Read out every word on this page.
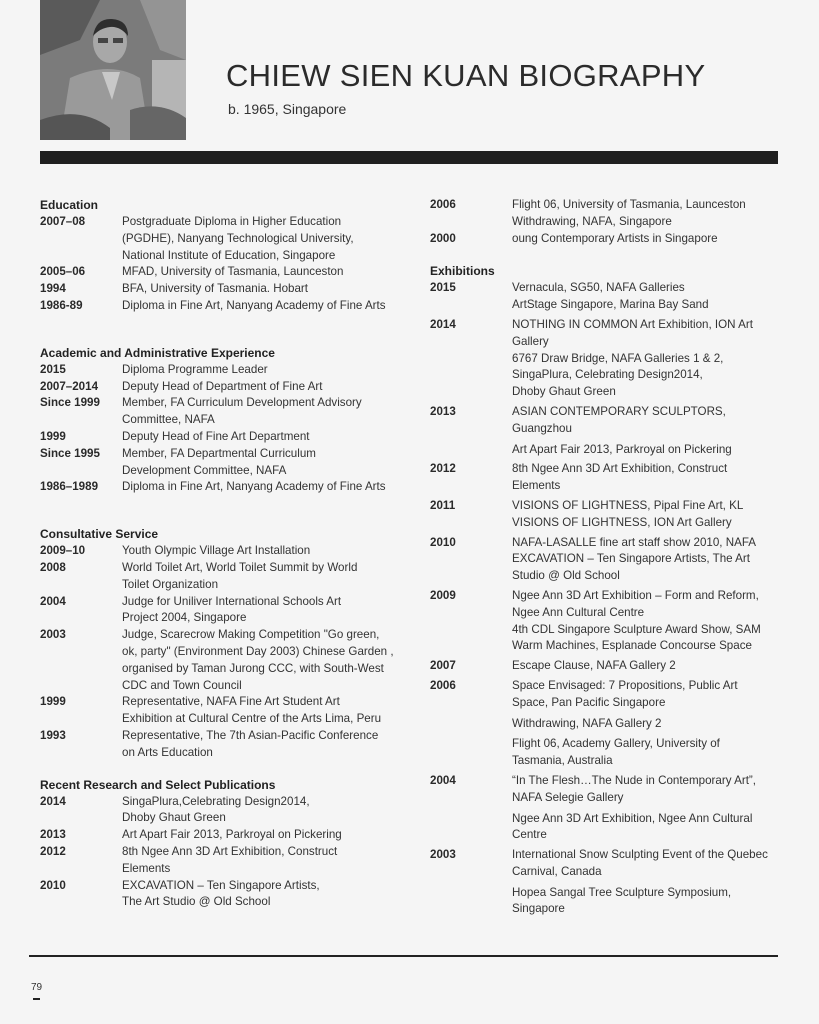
CHIEW SIEN KUAN BIOGRAPHY

b. 1965, Singapore

Education
2007–08	Postgraduate Diploma in Higher Education
(PGDHE), Nanyang Technological University,
National Institute of Education, Singapore
2005–06	MFAD, University of Tasmania, Launceston
1994	BFA, University of Tasmania. Hobart
1986-89	Diploma in Fine Art, Nanyang Academy of Fine Arts
Academic and Administrative Experience
2015	Diploma Programme Leader
2007–2014	Deputy Head of Department of Fine Art
Since 1999	Member, FA Curriculum Development Advisory
Committee, NAFA
1999	Deputy Head of Fine Art Department
Since 1995	Member, FA Departmental Curriculum
Development Committee, NAFA
1986–1989	Diploma in Fine Art, Nanyang Academy of Fine Arts
Consultative Service
2009–10	Youth Olympic Village Art Installation
2008	World Toilet Art, World Toilet Summit by World
Toilet Organization
2004	Judge for Uniliver International Schools Art
Project 2004, Singapore
2003	Judge, Scarecrow Making Competition "Go green,
ok, party" (Environment Day 2003) Chinese Garden ,
organised by Taman Jurong CCC, with South-West
CDC and Town Council
1999	Representative, NAFA Fine Art Student Art
Exhibition at Cultural Centre of the Arts Lima, Peru
1993	Representative, The 7th Asian-Pacific Conference
on Arts Education
Recent Research and Select Publications
2014	SingaPlura,Celebrating Design2014,
Dhoby Ghaut Green
2013	Art Apart Fair 2013, Parkroyal on Pickering
2012	8th Ngee Ann 3D Art Exhibition, Construct
Elements
2010	EXCAVATION – Ten Singapore Artists,
The Art Studio @ Old School
2006	Flight 06, University of Tasmania, Launceston
Withdrawing, NAFA, Singapore
2000	oung Contemporary Artists in Singapore
Exhibitions
2015	Vernacula, SG50, NAFA Galleries
ArtStage Singapore, Marina Bay Sand
2014	NOTHING IN COMMON Art Exhibition, ION Art
Gallery
6767 Draw Bridge, NAFA Galleries 1 & 2,
SingaPlura, Celebrating Design2014,
Dhoby Ghaut Green
2013	ASIAN CONTEMPORARY SCULPTORS,
Guangzhou
Art Apart Fair 2013, Parkroyal on Pickering
2012	8th Ngee Ann 3D Art Exhibition, Construct
Elements
2011	VISIONS OF LIGHTNESS, Pipal Fine Art, KL
VISIONS OF LIGHTNESS, ION Art Gallery
2010	NAFA-LASALLE fine art staff show 2010, NAFA
EXCAVATION – Ten Singapore Artists, The Art
Studio @ Old School
2009	Ngee Ann 3D Art Exhibition – Form and Reform,
Ngee Ann Cultural Centre
4th CDL Singapore Sculpture Award Show, SAM
Warm Machines, Esplanade Concourse Space
2007	Escape Clause, NAFA Gallery 2
2006	Space Envisaged: 7 Propositions, Public Art
Space, Pan Pacific Singapore
Withdrawing, NAFA Gallery 2
Flight 06, Academy Gallery, University of
Tasmania, Australia
2004	“In The Flesh…The Nude in Contemporary Art”,
NAFA Selegie Gallery
Ngee Ann 3D Art Exhibition, Ngee Ann Cultural
Centre
2003	International Snow Sculpting Event of the Quebec
Carnival, Canada
Hopea Sangal Tree Sculpture Symposium,
Singapore
79
